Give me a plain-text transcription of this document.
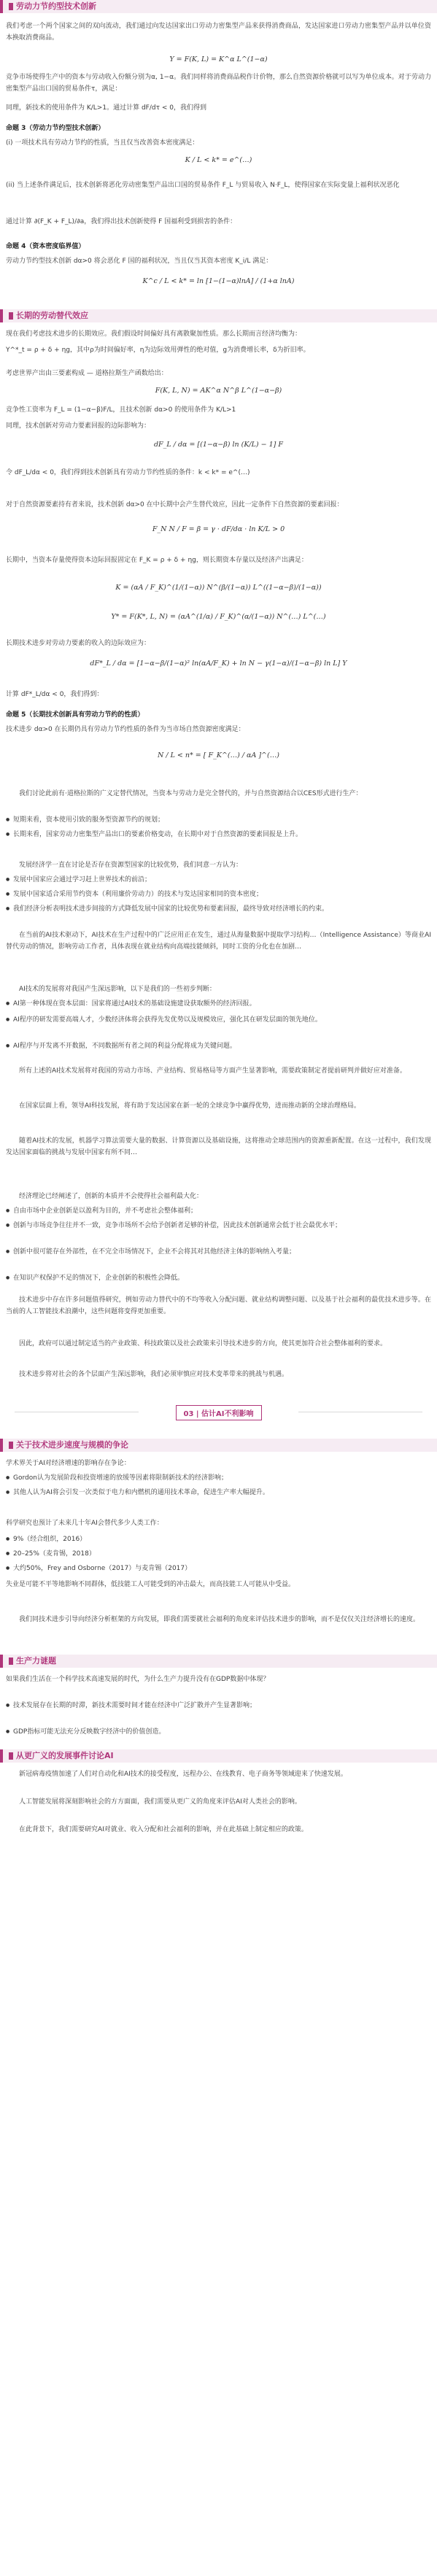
劳动力节约型技术创新
我们考虑一个两个国家之间的双向流动，我们通过向发达国家出口劳动力密集型产品来获得消费商品，发达国家进口劳动力密集型产品并以单位资本换取消费商品。
Y = F(K, L) = K^α L^(1−α)
竞争市场使得生产中的资本与劳动收入份额分别为α, 1−α。我们同样将消费商品税作计价物，那么自然资源价格就可以写为单位成本。对于劳动力密集型产品出口国的贸易条件τ，满足：
同理，新技术的使用条件为 K/L>1。通过计算 dF/dτ < 0，我们得到
命题 3（劳动力节约型技术创新）
(i) 一项技术具有劳动力节约的性质，当且仅当改善资本密度满足：
K / L < k* = e^(…)
(ii) 当上述条件满足后，技术创新将恶化劳动密集型产品出口国的贸易条件 F_L 与贸易收入 N·F_L，使得国家在实际变量上福利状况恶化
通过计算 ∂(F_K + F_L)/∂a，我们得出技术创新使得 F 国福利受到损害的条件：
命题 4（资本密度临界值）
劳动力节约型技术创新 dα>0 将会恶化 F 国的福利状况，当且仅当其资本密度 K_i/L 满足：
K^c / L < k* = ln [1−(1−α)lnA] / (1+α lnA)
长期的劳动替代效应
现在我们考虑技术进步的长期效应。我们假设时间偏好具有离散聚加性质。那么长期而言经济均衡为：
Y^*_t = ρ + δ + ηg，其中ρ为时间偏好率，η为边际效用弹性的绝对值，g为消费增长率，δ为折旧率。
考虑世界产出由三要素构成 — 道格拉斯生产函数给出：
F(K, L, N) = AK^α N^β L^(1−α−β)
竞争性工资率为 F_L = (1−α−β)F/L，且技术创新 dα>0 的使用条件为 K/L>1
同理，技术创新对劳动力要素回报的边际影响为：
dF_L / dα = [(1−α−β) ln (K/L) − 1] F
令 dF_L/dα < 0，我们得到技术创新具有劳动力节约性质的条件：k < k* = e^(…)
对于自然资源要素持有者来说，技术创新 dα>0 在中长期中会产生替代效应，因此一定条件下自然资源的要素回报：
F_N N / F = β = γ · dF/dα · ln K/L > 0
长期中，当资本存量使得资本边际回报固定在 F_K = ρ + δ + ηg，则长期资本存量以及经济产出满足：
K = (αA / F_K)^(1/(1−α)) N^(β/(1−α)) L^((1−α−β)/(1−α))
Y* = F(K*, L, N) = (αA^(1/α) / F_K)^(α/(1−α)) N^(…) L^(…)
长期技术进步对劳动力要素的收入的边际效应为：
dF*_L / dα = [1−α−β/(1−α)² ln(αA/F_K) + ln N − γ(1−α)/(1−α−β) ln L] Y
计算 dF*_L/dα < 0，我们得到：
命题 5（长期技术创新具有劳动力节约的性质）
技术进步 dα>0 在长期仍具有劳动力节约性质的条件为当市场自然资源密度满足：
N / L < n* = [ F_K^(…) / αA ]^(…)
我们讨论此前有·道格拉斯的广义定替代情况，当资本与劳动力是完全替代的，并与自然资源结合以CES形式进行生产：
● 短期来看，资本使用引致的服务型资源节约的规划；
● 长期来看，国家劳动力密集型产品出口的要素价格变动，在长期中对于自然资源的要素回报是上升。
发展经济学一直在讨论是否存在资源型国家的比较优势，我们同意一方认为：
● 发展中国家应会通过学习赶上世界技术的前沿；
● 发展中国家适合采用节约资本（利用廉价劳动力）的技术与发达国家相同的资本密度；
● 我们经济分析表明技术进步间接的方式降低发展中国家的比较优势和要素回报，最终导致对经济增长的约束。
在当前的AI技术驱动下，AI技术在生产过程中的广泛应用正在发生，通过从海量数据中提取学习结构…（Intelligence Assistance）等商业AI替代劳动的情况，影响劳动工作者，具体表现在就业结构向高端技能倾斜，同时工资的分化也在加剧…
AI技术的发展将对我国产生深远影响，以下是我们的一些初步判断：
● AI第一种体现在资本层面：国家将通过AI技术的基础设施建设获取额外的经济回报。
● AI程序的研发需要高端人才，少数经济体将会获得先发优势以及规模效应，强化其在研发层面的领先地位。
● AI程序与开发离不开数据，不同数据所有者之间的利益分配将成为关键问题。
所有上述的AI技术发展将对我国的劳动力市场、产业结构、贸易格局等方面产生显著影响，需要政策制定者提前研判并做好应对准备。
在国家层面上看，领导AI科技发展，将有助于发达国家在新一轮的全球竞争中赢得优势，进而推动新的全球治理格局。
随着AI技术的发展，机器学习算法需要大量的数据、计算资源以及基础设施，这将推动全球范围内的资源重新配置。在这一过程中，我们发现发达国家面临的挑战与发展中国家有所不同…
经济理论已经阐述了，创新的本质并不会使得社会福利最大化：
● 自由市场中企业创新是以盈利为目的，并不考虑社会整体福利；
● 创新与市场竞争往往并不一致，竞争市场所不会给予创新者足够的补偿，因此技术创新通常会低于社会最优水平；
● 创新中很可能存在外部性，在不完全市场情况下，企业不会将其对其他经济主体的影响纳入考量；
● 在知识产权保护不足的情况下，企业创新的积极性会降低。
技术进步中存在许多问题值得研究，例如劳动力替代中的不均等收入分配问题、就业结构调整问题、以及基于社会福利的最优技术进步等。在当前的人工智能技术浪潮中，这些问题将变得更加重要。
因此，政府可以通过制定适当的产业政策、科技政策以及社会政策来引导技术进步的方向，使其更加符合社会整体福利的要求。
技术进步将对社会的各个层面产生深远影响，我们必须审慎应对技术变革带来的挑战与机遇。
03 | 估计AI不利影响
关于技术进步速度与规模的争论
学术界关于AI对经济增速的影响存在争论：
● Gordon认为发展阶段和投资增速的放缓等因素将限制新技术的经济影响；
● 其他人认为AI将会引发一次类似于电力和内燃机的通用技术革命，促进生产率大幅提升。
科学研究也预计了未来几十年AI会替代多少人类工作：
● 9%（经合组织，2016）
● 20–25%（麦肯锡，2018）
● 大约50%，Frey and Osborne（2017）与麦肯锡（2017）
失业是可能不平等地影响不同群体，低技能工人可能受到的冲击最大，而高技能工人可能从中受益。
我们同技术进步引导向经济分析框架的方向发展，即我们需要就社会福利的角度来评估技术进步的影响，而不是仅仅关注经济增长的速度。
生产力谜题
如果我们生活在一个科学技术高速发展的时代，为什么生产力提升没有在GDP数据中体现？
● 技术发展存在长期的时滞，新技术需要时间才能在经济中广泛扩散并产生显著影响；
● GDP指标可能无法充分反映数字经济中的价值创造。
从更广义的发展事件讨论AI
新冠病毒疫情加速了人们对自动化和AI技术的接受程度，远程办公、在线教育、电子商务等领域迎来了快速发展。
人工智能发展将深刻影响社会的方方面面，我们需要从更广义的角度来评估AI对人类社会的影响。
在此背景下，我们需要研究AI对就业、收入分配和社会福利的影响，并在此基础上制定相应的政策。
